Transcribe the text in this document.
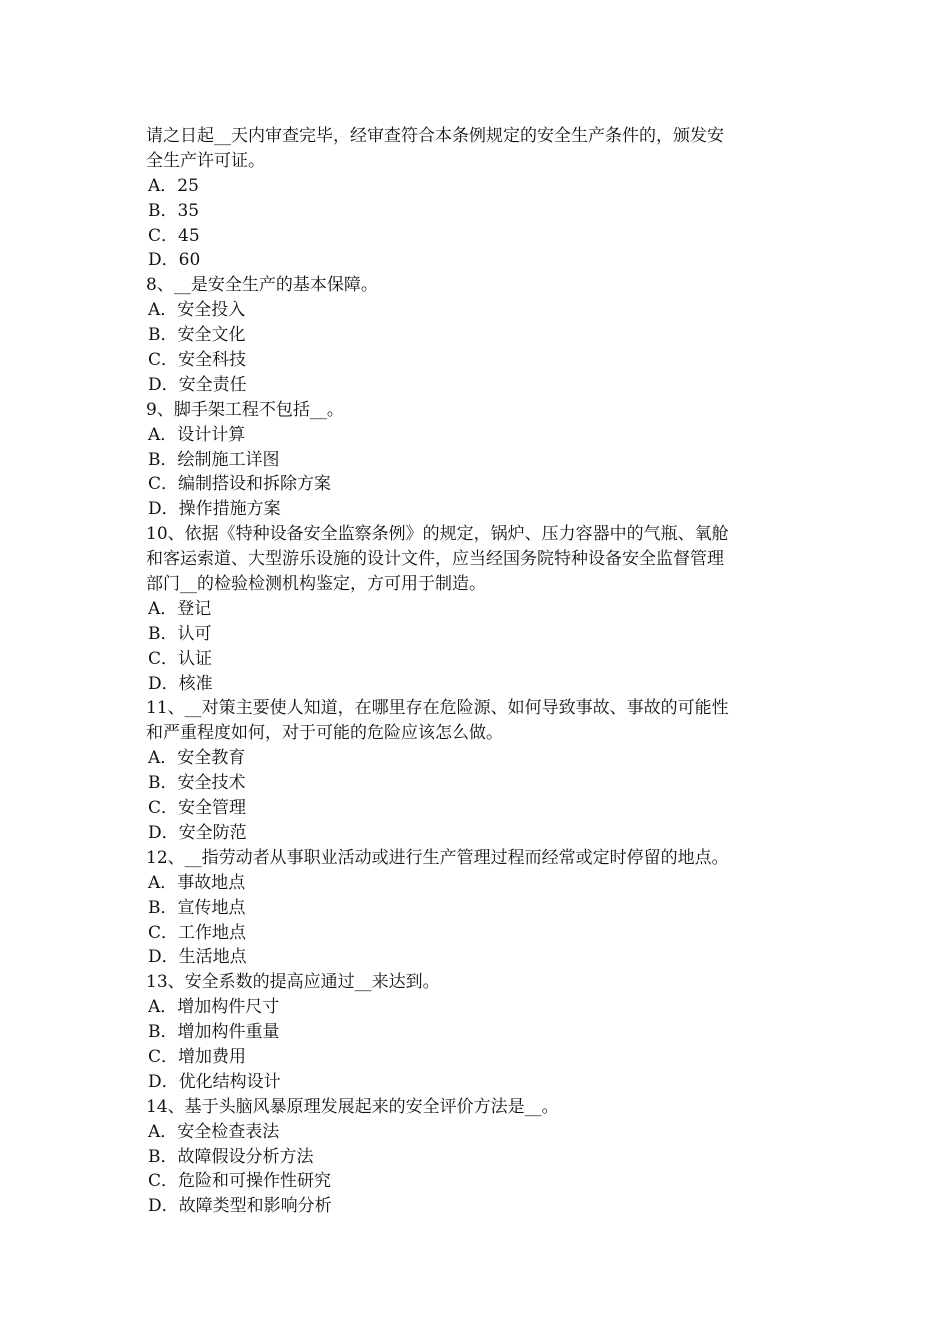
请之日起__天内审查完毕，经审查符合本条例规定的安全生产条件的，颁发安
全生产许可证。
A．25
B．35
C．45
D．60
8、__是安全生产的基本保障。
A．安全投入
B．安全文化
C．安全科技
D．安全责任
9、脚手架工程不包括__。
A．设计计算
B．绘制施工详图
C．编制搭设和拆除方案
D．操作措施方案
10、依据《特种设备安全监察条例》的规定，锅炉、压力容器中的气瓶、氧舱
和客运索道、大型游乐设施的设计文件，应当经国务院特种设备安全监督管理
部门__的检验检测机构鉴定，方可用于制造。
A．登记
B．认可
C．认证
D．核准
11、__对策主要使人知道，在哪里存在危险源、如何导致事故、事故的可能性
和严重程度如何，对于可能的危险应该怎么做。
A．安全教育
B．安全技术
C．安全管理
D．安全防范
12、__指劳动者从事职业活动或进行生产管理过程而经常或定时停留的地点。
A．事故地点
B．宣传地点
C．工作地点
D．生活地点
13、安全系数的提高应通过__来达到。
A．增加构件尺寸
B．增加构件重量
C．增加费用
D．优化结构设计
14、基于头脑风暴原理发展起来的安全评价方法是__。
A．安全检查表法
B．故障假设分析方法
C．危险和可操作性研究
D．故障类型和影响分析
